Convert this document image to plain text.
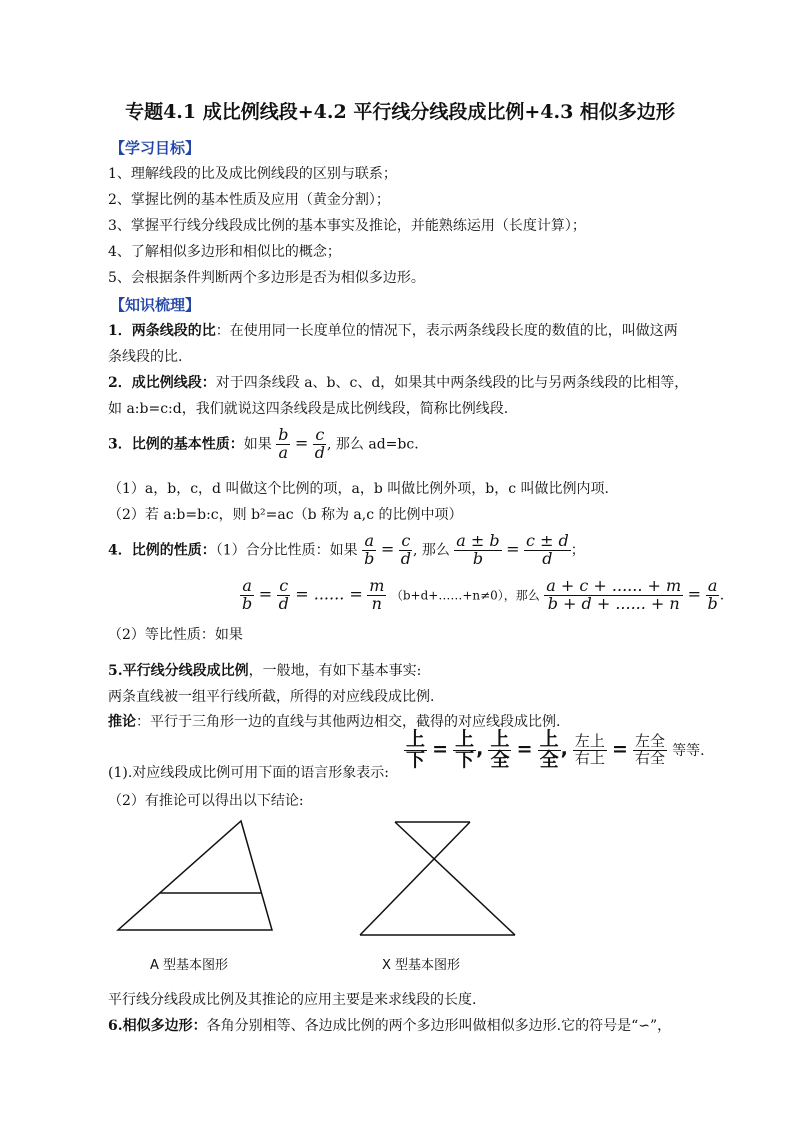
专题4.1 成比例线段+4.2 平行线分线段成比例+4.3 相似多边形
【学习目标】
1、理解线段的比及成比例线段的区别与联系；
2、掌握比例的基本性质及应用（黄金分割）；
3、掌握平行线分线段成比例的基本事实及推论，并能熟练运用（长度计算）；
4、了解相似多边形和相似比的概念；
5、会根据条件判断两个多边形是否为相似多边形。
【知识梳理】
1．两条线段的比：在使用同一长度单位的情况下，表示两条线段长度的数值的比，叫做这两
条线段的比.
2．成比例线段：对于四条线段 a、b、c、d，如果其中两条线段的比与另两条线段的比相等，
如 a:b=c:d，我们就说这四条线段是成比例线段，简称比例线段.
3．比例的基本性质：如果 $\frac{b}{a} = \frac{c}{d}$ , 那么 ad=bc.
（1）a，b，c，d 叫做这个比例的项，a，b 叫做比例外项，b，c 叫做比例内项.
（2）若 a:b=b:c，则 b²=ac（b 称为 a,c 的比例中项）
4．比例的性质：（1）合分比性质：如果 $\frac{a}{b} = \frac{c}{d}$ , 那么 $\frac{a \pm b}{b} = \frac{c \pm d}{d}$ ；
$\frac{a}{b} = \frac{c}{d}$ = ...... = $\frac{m}{n}$ （b+d+……+n≠0），那么 $\frac{a + c + ...... + m}{b + d + ...... + n} = \frac{a}{b}$ .
（2）等比性质：如果
5.平行线分线段成比例，一般地，有如下基本事实:
两条直线被一组平行线所截，所得的对应线段成比例.
推论：平行于三角形一边的直线与其他两边相交，截得的对应线段成比例.
(1).对应线段成比例可用下面的语言形象表示:
$\frac{\text{上}}{\text{下}} = \frac{\text{上}}{\text{下}}$ , $\frac{\text{上}}{\text{全}} = \frac{\text{上}}{\text{全}}$ , $\frac{\text{左上}}{\text{右上}} = \frac{\text{左全}}{\text{右全}}$ 等等.
（2）有推论可以得出以下结论:
A 型基本图形	X 型基本图形
平行线分线段成比例及其推论的应用主要是来求线段的长度.
6.相似多边形：各角分别相等、各边成比例的两个多边形叫做相似多边形.它的符号是“∽”，
